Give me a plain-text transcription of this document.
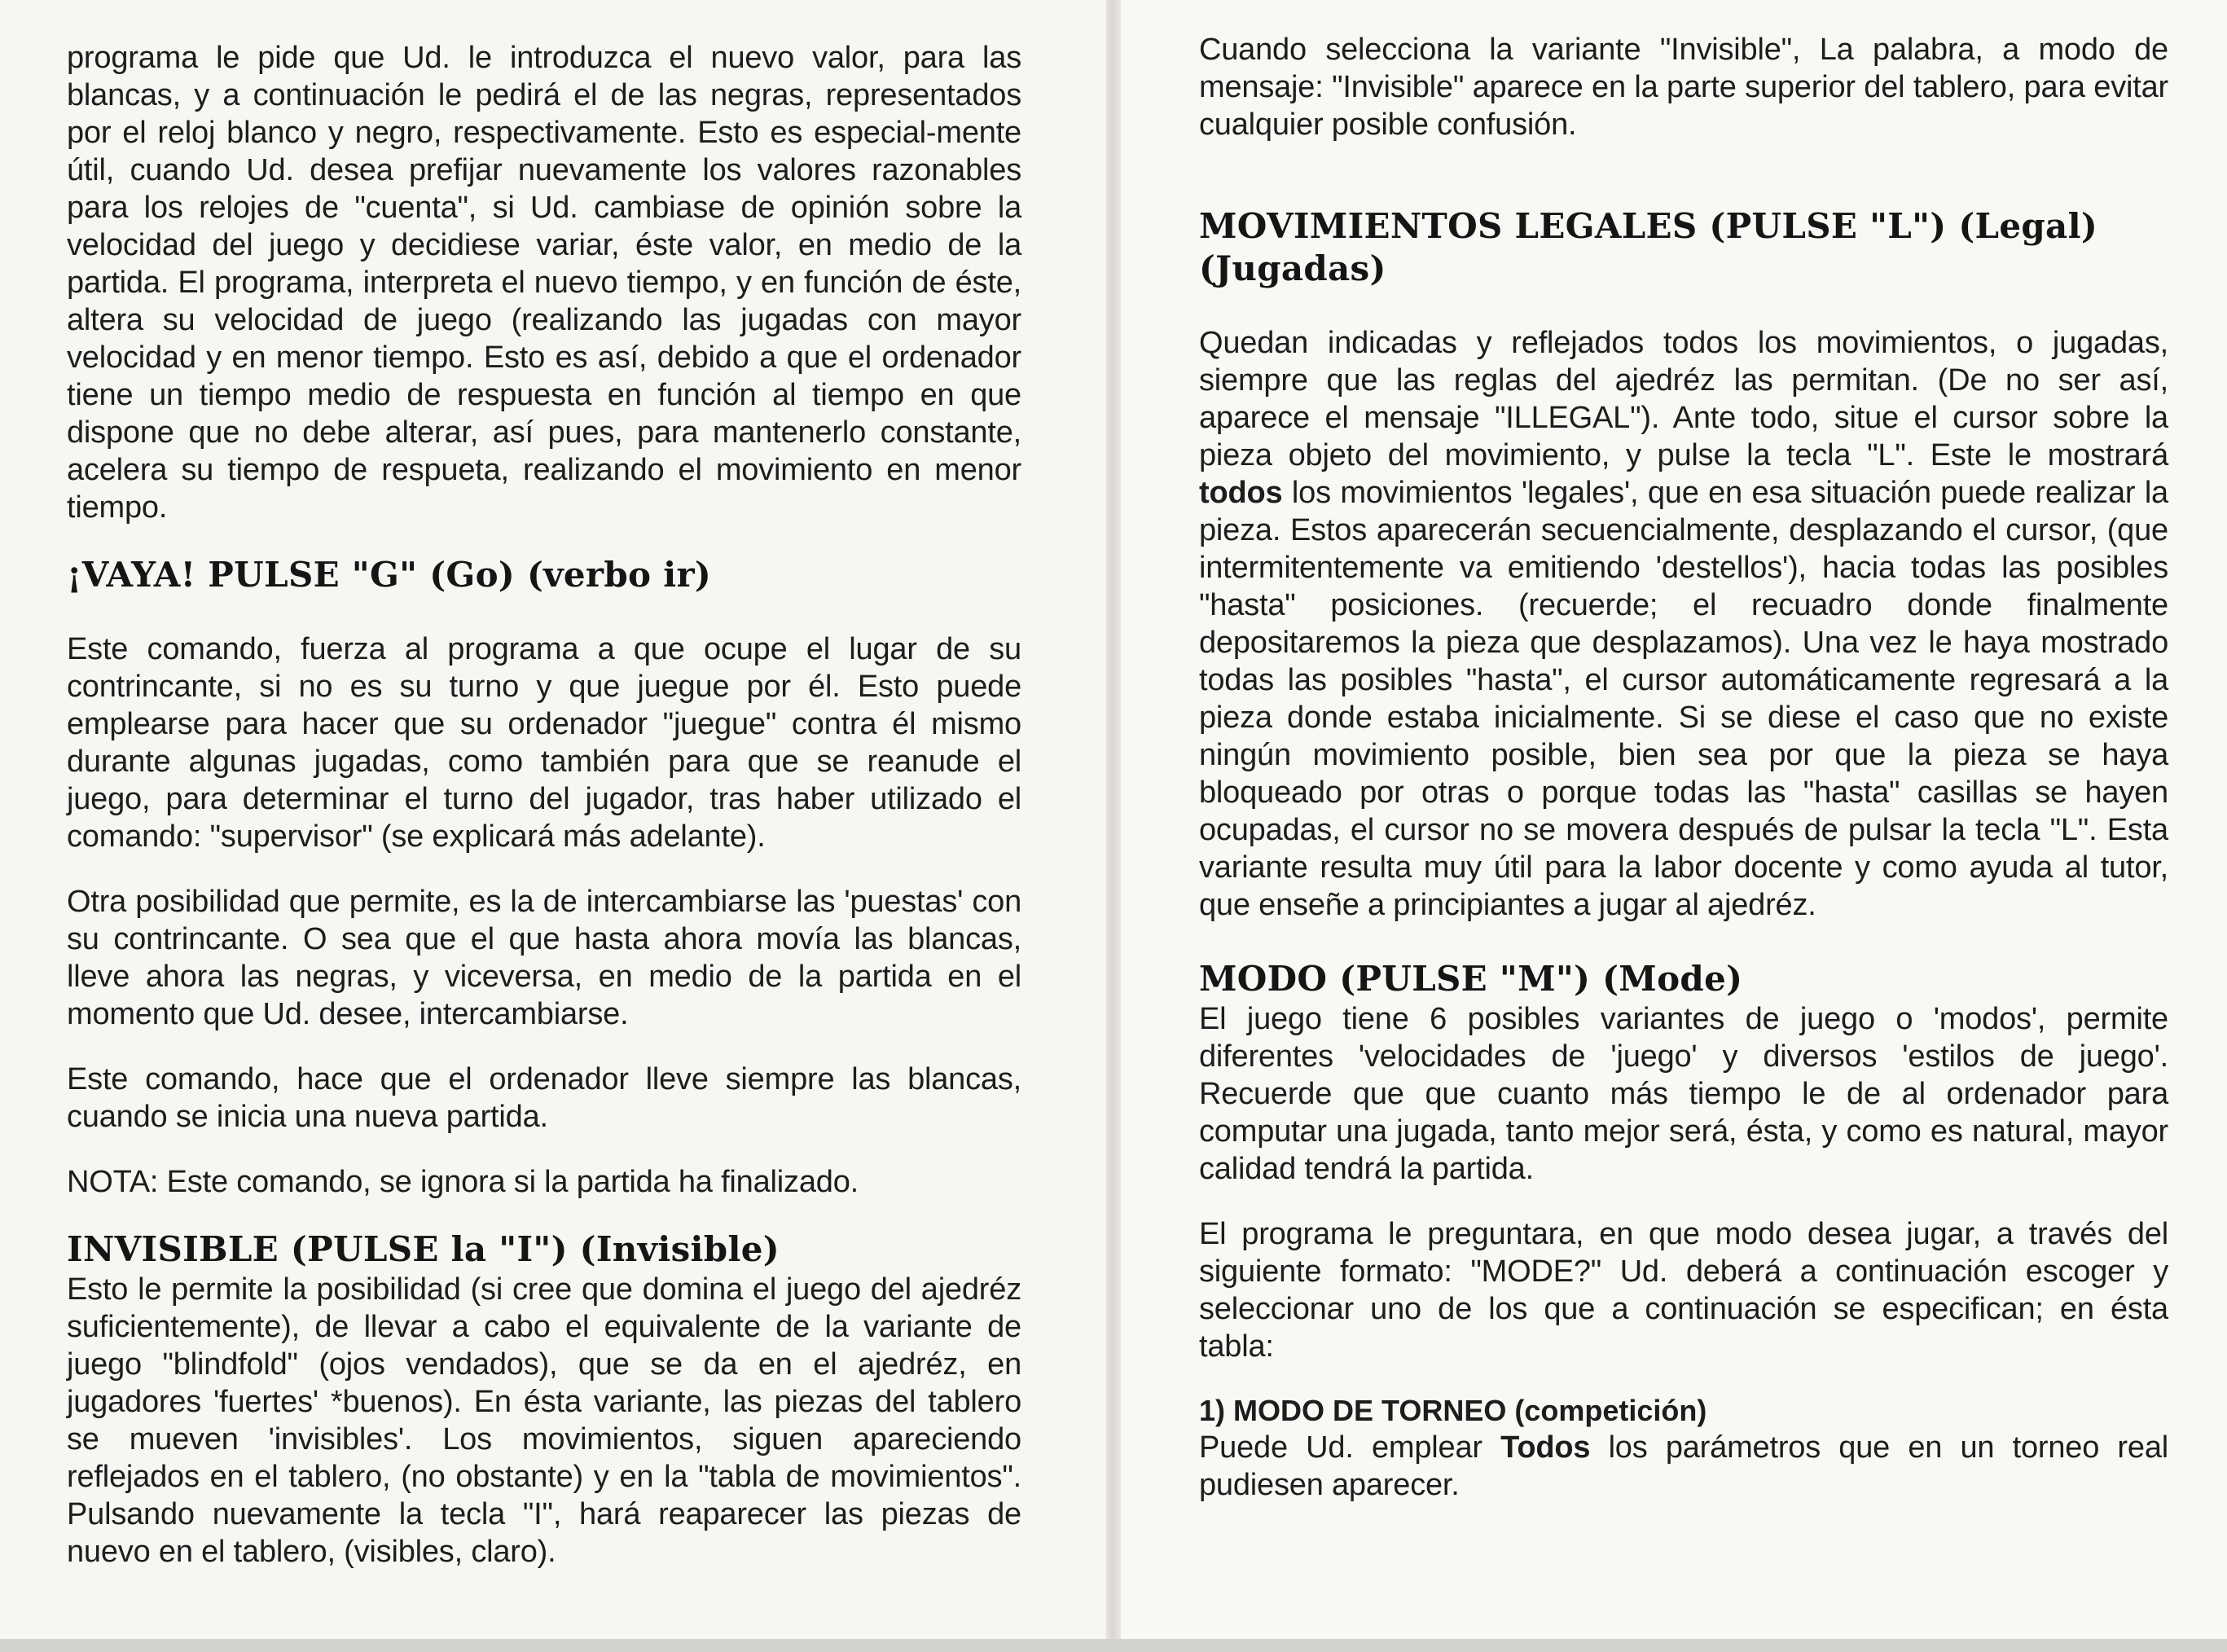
programa le pide que Ud. le introduzca el nuevo valor, para las blancas, y a continuación le pedirá el de las negras, representados por el reloj blanco y negro, respectivamente. Esto es especial-mente útil, cuando Ud. desea prefijar nuevamente los valores razonables para los relojes de "cuenta", si Ud. cambiase de opinión sobre la velocidad del juego y decidiese variar, éste valor, en medio de la partida. El programa, interpreta el nuevo tiempo, y en función de éste, altera su velocidad de juego (realizando las jugadas con mayor velocidad y en menor tiempo. Esto es así, debido a que el ordenador tiene un tiempo medio de respuesta en función al tiempo en que dispone que no debe alterar, así pues, para mantenerlo constante, acelera su tiempo de respueta, realizando el movimiento en menor tiempo.

¡VAYA! PULSE "G" (Go) (verbo ir)

Este comando, fuerza al programa a que ocupe el lugar de su contrincante, si no es su turno y que juegue por él. Esto puede emplearse para hacer que su ordenador "juegue" contra él mismo durante algunas jugadas, como también para que se reanude el juego, para determinar el turno del jugador, tras haber utilizado el comando: "supervisor" (se explicará más adelante).

Otra posibilidad que permite, es la de intercambiarse las 'puestas' con su contrincante. O sea que el que hasta ahora movía las blancas, lleve ahora las negras, y viceversa, en medio de la partida en el momento que Ud. desee, intercambiarse.

Este comando, hace que el ordenador lleve siempre las blancas, cuando se inicia una nueva partida.

NOTA: Este comando, se ignora si la partida ha finalizado.

INVISIBLE (PULSE la "I") (Invisible)

Esto le permite la posibilidad (si cree que domina el juego del ajedréz suficientemente), de llevar a cabo el equivalente de la variante de juego "blindfold" (ojos vendados), que se da en el ajedréz, en jugadores 'fuertes' *buenos). En ésta variante, las piezas del tablero se mueven 'invisibles'. Los movimientos, siguen apareciendo reflejados en el tablero, (no obstante) y en la "tabla de movimientos". Pulsando nuevamente la tecla "I", hará reaparecer las piezas de nuevo en el tablero, (visibles, claro).

Cuando selecciona la variante "Invisible", La palabra, a modo de mensaje: "Invisible" aparece en la parte superior del tablero, para evitar cualquier posible confusión.

MOVIMIENTOS LEGALES (PULSE "L") (Legal)
(Jugadas)

Quedan indicadas y reflejados todos los movimientos, o jugadas, siempre que las reglas del ajedréz las permitan. (De no ser así, aparece el mensaje "ILLEGAL"). Ante todo, situe el cursor sobre la pieza objeto del movimiento, y pulse la tecla "L". Este le mostrará todos los movimientos 'legales', que en esa situación puede realizar la pieza. Estos aparecerán secuencialmente, desplazando el cursor, (que intermitentemente va emitiendo 'destellos'), hacia todas las posibles "hasta" posiciones. (recuerde; el recuadro donde finalmente depositaremos la pieza que desplazamos). Una vez le haya mostrado todas las posibles "hasta", el cursor automáticamente regresará a la pieza donde estaba inicialmente. Si se diese el caso que no existe ningún movimiento posible, bien sea por que la pieza se haya bloqueado por otras o porque todas las "hasta" casillas se hayen ocupadas, el cursor no se movera después de pulsar la tecla "L". Esta variante resulta muy útil para la labor docente y como ayuda al tutor, que enseñe a principiantes a jugar al ajedréz.

MODO (PULSE "M") (Mode)

El juego tiene 6 posibles variantes de juego o 'modos', permite diferentes 'velocidades de 'juego' y diversos 'estilos de juego'. Recuerde que que cuanto más tiempo le de al ordenador para computar una jugada, tanto mejor será, ésta, y como es natural, mayor calidad tendrá la partida.

El programa le preguntara, en que modo desea jugar, a través del siguiente formato: "MODE?" Ud. deberá a continuación escoger y seleccionar uno de los que a continuación se especifican; en ésta tabla:

1) MODO DE TORNEO (competición)

Puede Ud. emplear Todos los parámetros que en un torneo real pudiesen aparecer.
